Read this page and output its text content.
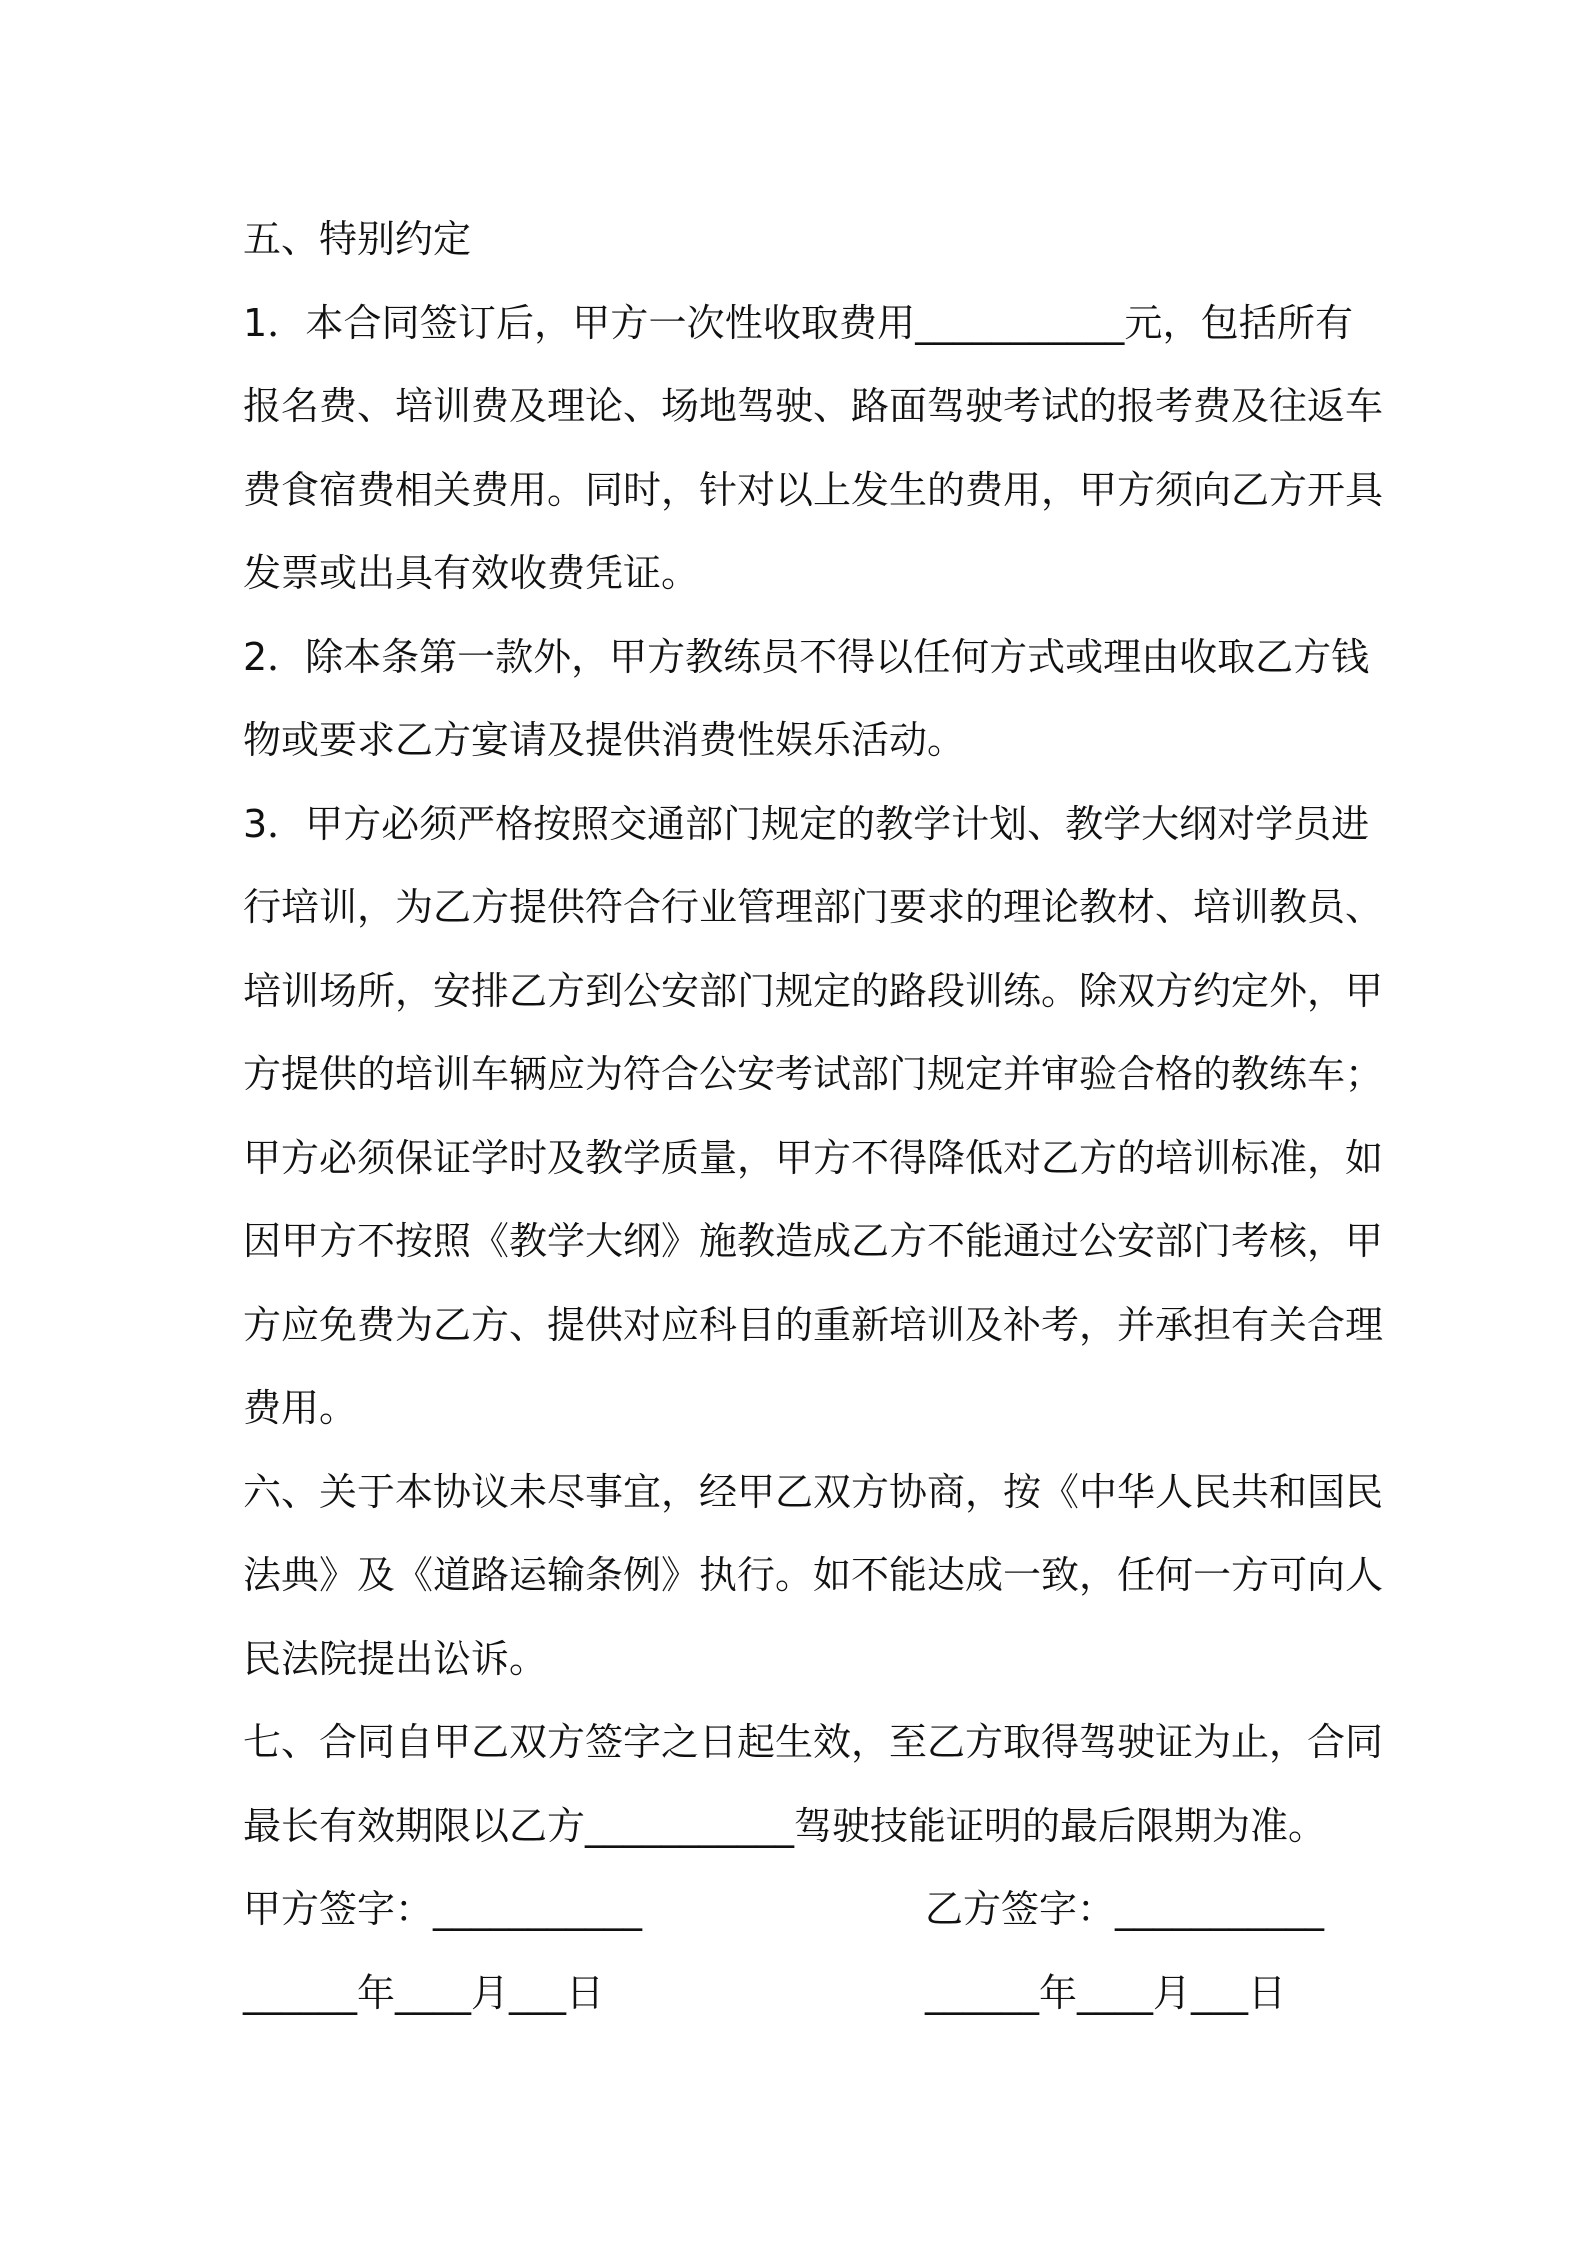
五、特别约定
1．本合同签订后，甲方一次性收取费用___________元，包括所有
报名费、培训费及理论、场地驾驶、路面驾驶考试的报考费及往返车
费食宿费相关费用。同时，针对以上发生的费用，甲方须向乙方开具
发票或出具有效收费凭证。
2．除本条第一款外，甲方教练员不得以任何方式或理由收取乙方钱
物或要求乙方宴请及提供消费性娱乐活动。
3．甲方必须严格按照交通部门规定的教学计划、教学大纲对学员进
行培训，为乙方提供符合行业管理部门要求的理论教材、培训教员、
培训场所，安排乙方到公安部门规定的路段训练。除双方约定外，甲
方提供的培训车辆应为符合公安考试部门规定并审验合格的教练车；
甲方必须保证学时及教学质量，甲方不得降低对乙方的培训标准，如
因甲方不按照《教学大纲》施教造成乙方不能通过公安部门考核，甲
方应免费为乙方、提供对应科目的重新培训及补考，并承担有关合理
费用。
六、关于本协议未尽事宜，经甲乙双方协商，按《中华人民共和国民
法典》及《道路运输条例》执行。如不能达成一致，任何一方可向人
民法院提出讼诉。
七、合同自甲乙双方签字之日起生效，至乙方取得驾驶证为止，合同
最长有效期限以乙方___________驾驶技能证明的最后限期为准。
甲方签字：___________	乙方签字：___________
______年____月___日	______年____月___日
